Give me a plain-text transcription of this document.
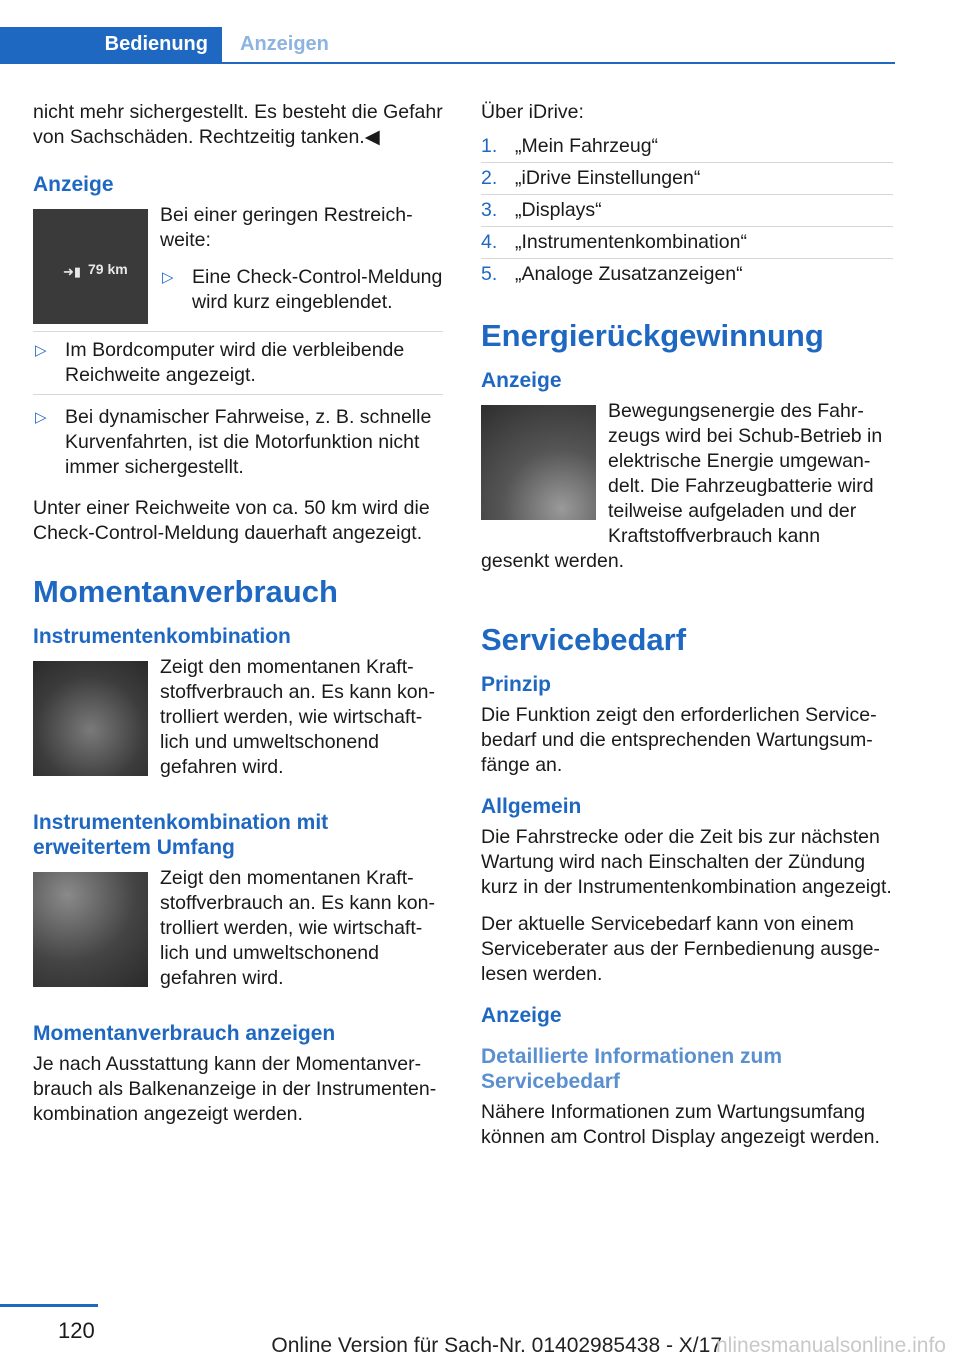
Bedienung	Anzeigen

nicht mehr sichergestellt. Es besteht die Gefahr von Sachschäden. Rechtzeitig tanken.◀

Anzeige
➜▮ 79 km

Bei einer geringen Restreichweite:

▷ Eine Check-Control-Meldung wird kurz eingeblendet.
▷ Im Bordcomputer wird die verbleibende Reichweite angezeigt.
▷ Bei dynamischer Fahrweise, z. B. schnelle Kurvenfahrten, ist die Motorfunktion nicht immer sichergestellt.

Unter einer Reichweite von ca. 50 km wird die Check-Control-Meldung dauerhaft angezeigt.

Momentanverbrauch
Instrumentenkombination

Zeigt den momentanen Kraftstoffverbrauch an. Es kann kontrolliert werden, wie wirtschaftlich und umweltschonend gefahren wird.

Instrumentenkombination mit erweitertem Umfang

Zeigt den momentanen Kraftstoffverbrauch an. Es kann kontrolliert werden, wie wirtschaftlich und umweltschonend gefahren wird.

Momentanverbrauch anzeigen

Je nach Ausstattung kann der Momentanverbrauch als Balkenanzeige in der Instrumentenkombination angezeigt werden.

Über iDrive:

1. „Mein Fahrzeug“
2. „iDrive Einstellungen“
3. „Displays“
4. „Instrumentenkombination“
5. „Analoge Zusatzanzeigen“
Energierückgewinnung
Anzeige

Bewegungsenergie des Fahrzeugs wird bei Schub-Betrieb in elektrische Energie umgewandelt. Die Fahrzeugbatterie wird teilweise aufgeladen und der Kraftstoffverbrauch kann gesenkt werden.

Servicebedarf
Prinzip

Die Funktion zeigt den erforderlichen Servicebedarf und die entsprechenden Wartungsumfänge an.

Allgemein

Die Fahrstrecke oder die Zeit bis zur nächsten Wartung wird nach Einschalten der Zündung kurz in der Instrumentenkombination angezeigt.

Der aktuelle Servicebedarf kann von einem Serviceberater aus der Fernbedienung ausgelesen werden.

Anzeige
Detaillierte Informationen zum Servicebedarf

Nähere Informationen zum Wartungsumfang können am Control Display angezeigt werden.

120
Online Version für Sach-Nr. 01402985438 - X/17
nlinesmanualsonline.info
